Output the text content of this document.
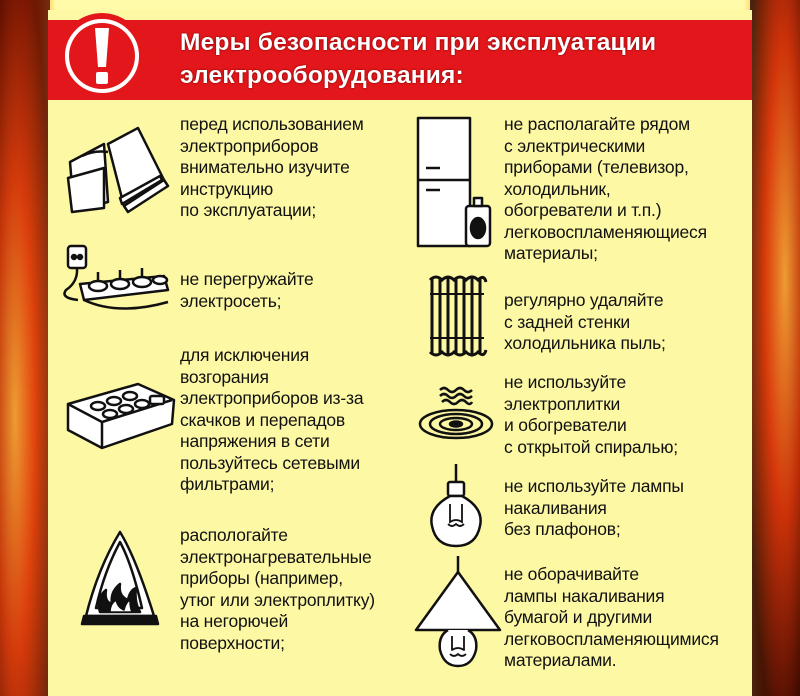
Меры безопасности при эксплуатации
электрооборудования:
перед использованием
электроприборов
внимательно изучите
инструкцию
по эксплуатации;
не перегружайте
электросеть;
для исключения
возгорания
электроприборов из-за
скачков и перепадов
напряжения в сети
пользуйтесь сетевыми
фильтрами;
распологайте
электронагревательные
приборы (например,
утюг или электроплитку)
на негорючей
поверхности;
не располагайте рядом
с электрическими
приборами (телевизор,
холодильник,
обогреватели и т.п.)
легковоспламеняющиеся
материалы;
регулярно удаляйте
с задней стенки
холодильника пыль;
не используйте
электроплитки
и обогреватели
с открытой спиралью;
не используйте лампы
накаливания
без плафонов;
не оборачивайте
лампы накаливания
бумагой и другими
легковоспламеняющимися
материалами.
